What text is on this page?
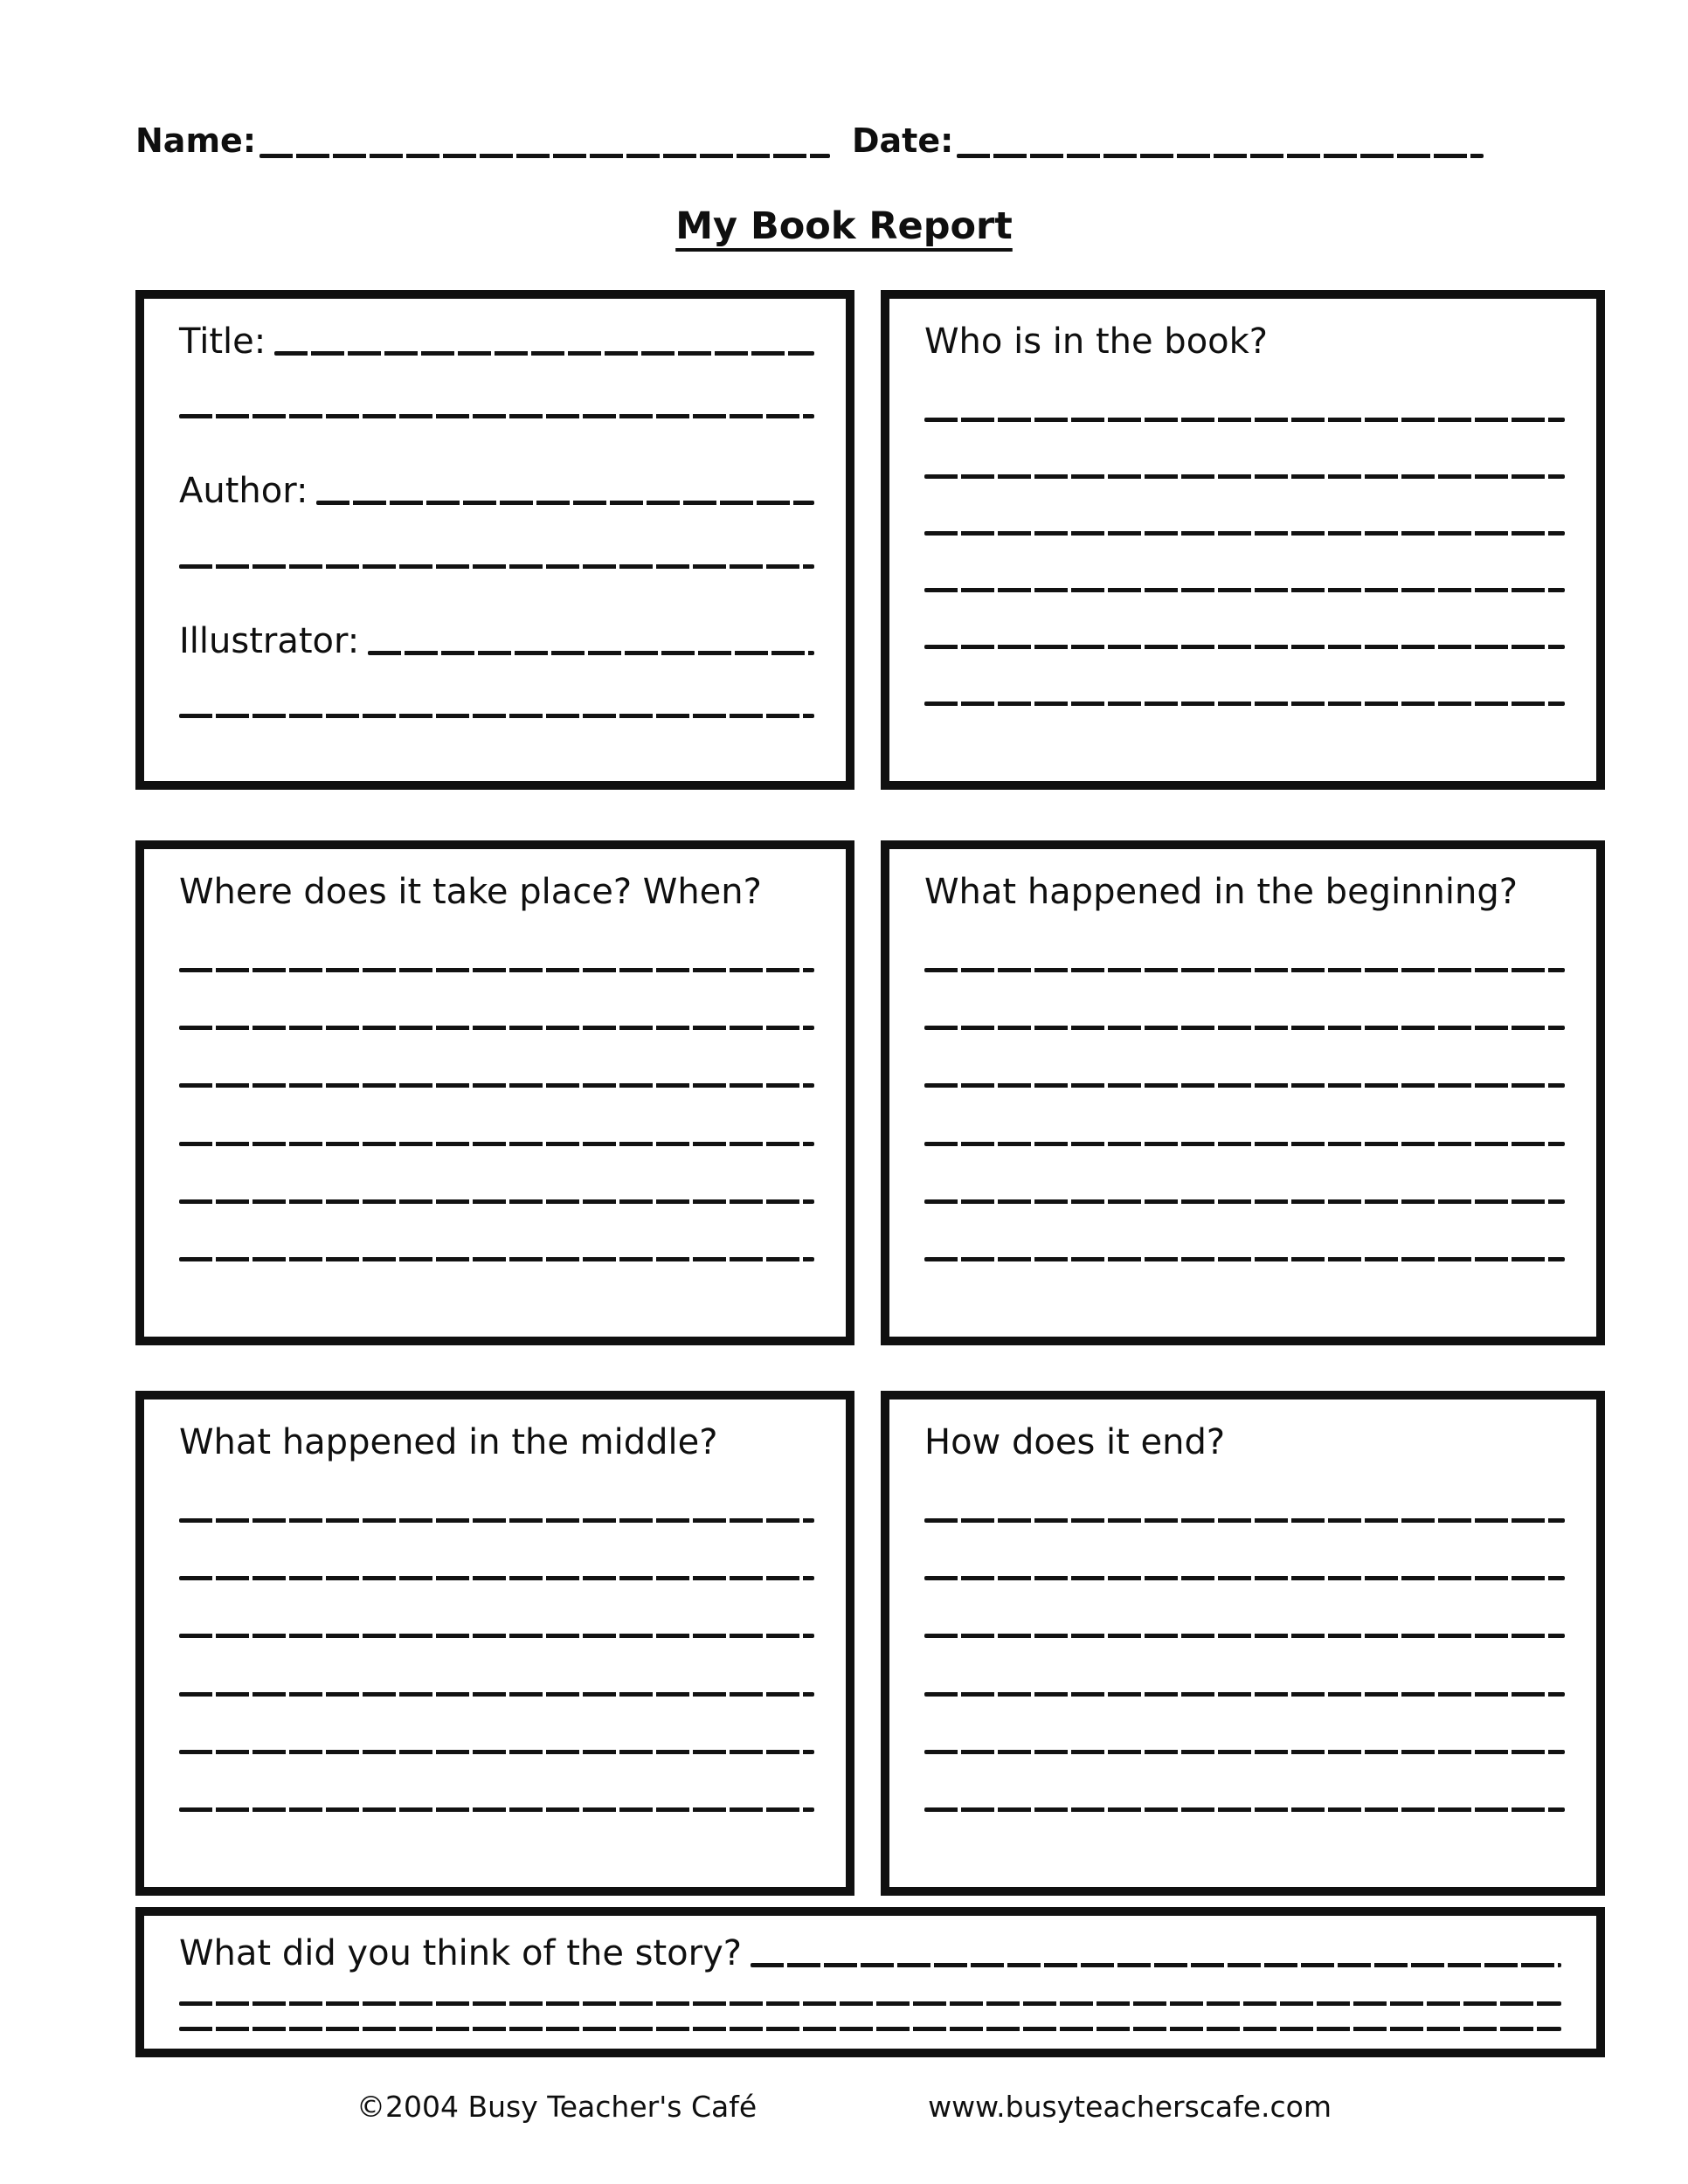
Name:	Date:
My Book Report
Title:
Author:
Illustrator:
Who is in the book?
Where does it take place? When?	What happened in the beginning?
What happened in the middle?	How does it end?
What did you think of the story?
©2004 Busy Teacher's Café	www.busyteacherscafe.com
